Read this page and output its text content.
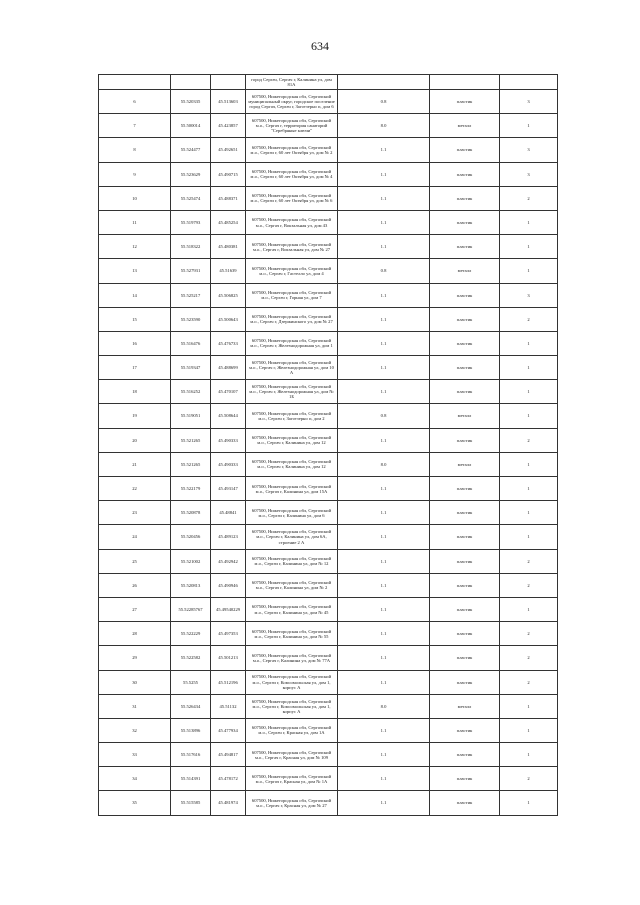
634
			город Сергач, Сергач г, Калинина ул, дом 81А			
6	55.520335	45.513603	607500, Нижегородская обл, Сергачский муниципальный округ, городское поселение город Сергач, Сергач г, Заготзерно п, дом 6	0.8	пластик	3
7	55.500014	45.423857	607500, Нижегородская обл, Сергачский м.о., Сергач г, территория санаторий "Серебряные ключи"	8.0	металл	1
8	55.524477	45.492651	607500, Нижегородская обл, Сергачский м.о., Сергач г, 60 лет Октября ул, дом № 2	1.1	пластик	3
9	55.523629	45.490715	607500, Нижегородская обл, Сергачский м.о., Сергач г, 60 лет Октября ул, дом № 4	1.1	пластик	3
10	55.525474	45.488371	607500, Нижегородская обл, Сергачский м.о., Сергач г, 60 лет Октября ул, дом № 6	1.1	пластик	2
11	55.519793	45.485254	607500, Нижегородская обл, Сергачский м.о., Сергач г, Вокзальная ул, дом 43	1.1	пластик	1
12	55.518322	45.480381	607500, Нижегородская обл, Сергачский м.о., Сергач г, Вокзальная ул, дом № 27	1.1	пластик	1
13	55.527931	45.51639	607500, Нижегородская обл, Сергачский м.о., Сергач г, Гастелло ул, дом 4	0.8	металл	1
14	55.525217	45.506825	607500, Нижегородская обл, Сергачский м.о., Сергач г, Горная ул, дом 7	1.1	пластик	3
15	55.523590	45.500643	607500, Нижегородская обл, Сергачский м.о., Сергач г, Дзержинского ул, дом № 27	1.1	пластик	2
16	55.516476	45.476733	607500, Нижегородская обл, Сергачский м.о., Сергач г, Железнодорожная ул, дом 1	1.1	пластик	1
17	55.519347	45.488699	607500, Нижегородская обл, Сергачский м.о., Сергач г, Железнодорожная ул, дом 10 А	1.1	пластик	1
18	55.516252	45.470107	607500, Нижегородская обл, Сергачский м.о., Сергач г, Железнодорожная ул, дом № 1Б	1.1	пластик	1
19	55.519051	45.508644	607500, Нижегородская обл, Сергачский м.о., Сергач г, Заготзерно п, дом 2	0.8	металл	1
20	55.521265	45.490333	607500, Нижегородская обл, Сергачский м.о., Сергач г, Калинина ул, дом 12	1.1	пластик	2
21	55.521265	45.490333	607500, Нижегородская обл, Сергачский м.о., Сергач г, Калинина ул, дом 12	8.0	металл	1
22	55.522179	45.493147	607500, Нижегородская обл, Сергачский м.о., Сергач г, Калинина ул, дом 15А	1.1	пластик	1
23	55.520878	45.48841	607500, Нижегородская обл, Сергачский м.о., Сергач г, Калинина ул, дом 6	1.1	пластик	1
24	55.520456	45.489123	607500, Нижегородская обл, Сергачский м.о., Сергач г, Калинина ул, дом 6А, строение 2 А	1.1	пластик	1
25	55.521002	45.492942	607500, Нижегородская обл, Сергачский м.о., Сергач г, Калинина ул, дом № 12	1.1	пластик	2
26	55.520813	45.490946	607500, Нижегородская обл, Сергачский м.о., Сергач г, Калинина ул, дом № 2	1.1	пластик	2
27	55.52285767	45.49540229	607500, Нижегородская обл, Сергачский м.о., Сергач г, Калинина ул, дом № 45	1.1	пластик	1
28	55.522229	45.497353	607500, Нижегородская обл, Сергачский м.о., Сергач г, Калинина ул, дом № 55	1.1	пластик	2
29	55.522582	45.501213	607500, Нижегородская обл, Сергачский м.о., Сергач г, Калинина ул, дом № 77А	1.1	пластик	2
30	55.5255	45.512196	607500, Нижегородская обл, Сергачский м.о., Сергач г, Комсомольская ул, дом 1, корпус А	1.1	пластик	2
31	55.526434	45.51132	607500, Нижегородская обл, Сергачский м.о., Сергач г, Комсомольская ул, дом 1, корпус А	8.0	металл	1
32	55.513896	45.477934	607500, Нижегородская обл, Сергачский м.о., Сергач г, Красная ул, дом 1А	1.1	пластик	1
33	55.517616	45.494817	607500, Нижегородская обл, Сергачский м.о., Сергач г, Красная ул, дом № 109	1.1	пластик	1
34	55.514391	45.478172	607500, Нижегородская обл, Сергачский м.о., Сергач г, Красная ул, дом № 1А	1.1	пластик	2
35	55.515585	45.481974	607500, Нижегородская обл, Сергачский м.о., Сергач г, Красная ул, дом № 27	1.1	пластик	1
